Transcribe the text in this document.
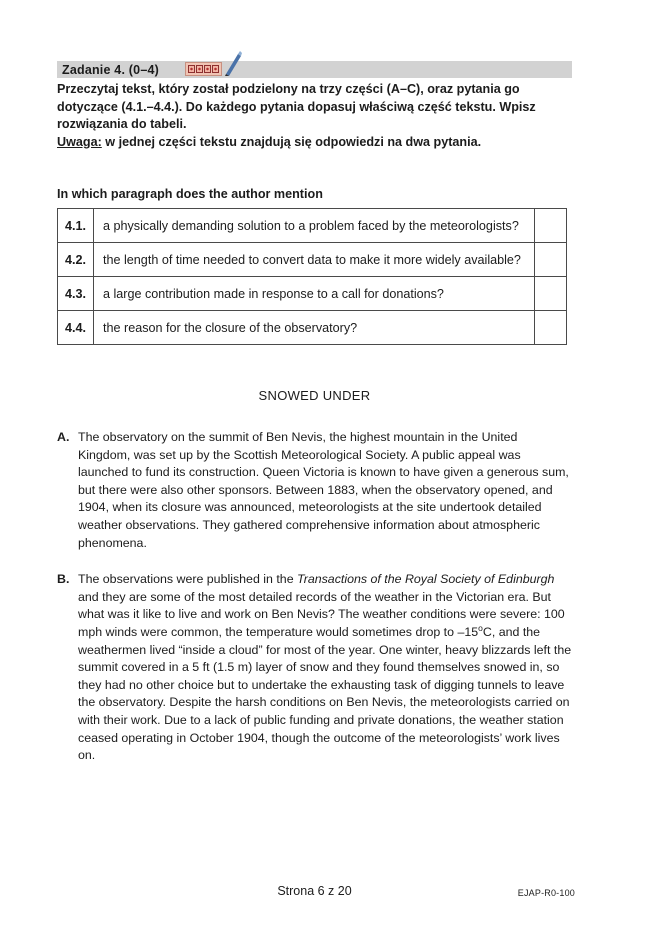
Zadanie 4. (0–4)
Przeczytaj tekst, który został podzielony na trzy części (A–C), oraz pytania go dotyczące (4.1.–4.4.). Do każdego pytania dopasuj właściwą część tekstu. Wpisz rozwiązania do tabeli.
Uwaga: w jednej części tekstu znajdują się odpowiedzi na dwa pytania.
In which paragraph does the author mention
4.1.	a physically demanding solution to a problem faced by the meteorologists?	
4.2.	the length of time needed to convert data to make it more widely available?	
4.3.	a large contribution made in response to a call for donations?	
4.4.	the reason for the closure of the observatory?	
SNOWED UNDER
A. The observatory on the summit of Ben Nevis, the highest mountain in the United Kingdom, was set up by the Scottish Meteorological Society. A public appeal was launched to fund its construction. Queen Victoria is known to have given a generous sum, but there were also other sponsors. Between 1883, when the observatory opened, and 1904, when its closure was announced, meteorologists at the site undertook detailed weather observations. They gathered comprehensive information about atmospheric phenomena.
B. The observations were published in the Transactions of the Royal Society of Edinburgh and they are some of the most detailed records of the weather in the Victorian era. But what was it like to live and work on Ben Nevis? The weather conditions were severe: 100 mph winds were common, the temperature would sometimes drop to –15$^o$C, and the weathermen lived “inside a cloud” for most of the year. One winter, heavy blizzards left the summit covered in a 5 ft (1.5 m) layer of snow and they found themselves snowed in, so they had no other choice but to undertake the exhausting task of digging tunnels to leave the observatory. Despite the harsh conditions on Ben Nevis, the meteorologists carried on with their work. Due to a lack of public funding and private donations, the weather station ceased operating in October 1904, though the outcome of the meteorologists’ work lives on.
Strona 6 z 20	EJAP-R0-100
